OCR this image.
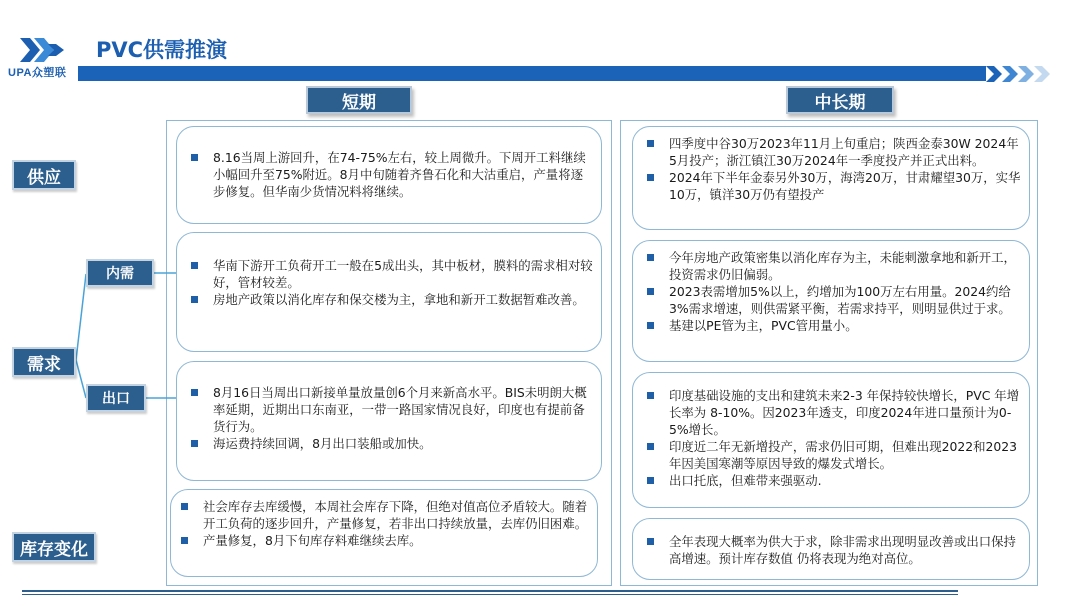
UPA众塑联
PVC供需推演
短期	中长期
供应
需求
内需
出口
库存变化
8.16当周上游回升，在74-75%左右，较上周微升。下周开工料继续小幅回升至75%附近。8月中旬随着齐鲁石化和大沽重启，产量将逐步修复。但华南少货情况料将继续。
华南下游开工负荷开工一般在5成出头，其中板材，膜料的需求相对较好，管材较差。
房地产政策以消化库存和保交楼为主，拿地和新开工数据暂难改善。
8月16日当周出口新接单量放量创6个月来新高水平。BIS未明朗大概率延期，近期出口东南亚，一带一路国家情况良好，印度也有提前备货行为。
海运费持续回调，8月出口装船或加快。
社会库存去库缓慢，本周社会库存下降，但绝对值高位矛盾较大。随着开工负荷的逐步回升，产量修复，若非出口持续放量，去库仍旧困难。
产量修复，8月下旬库存料难继续去库。
四季度中谷30万2023年11月上旬重启；陕西金泰30W 2024年5月投产；浙江镇江30万2024年一季度投产并正式出料。
2024年下半年金泰另外30万，海湾20万，甘肃耀望30万，实华10万，镇洋30万仍有望投产
今年房地产政策密集以消化库存为主，未能刺激拿地和新开工，投资需求仍旧偏弱。
2023表需增加5%以上，约增加为100万左右用量。2024约给3%需求增速，则供需紧平衡，若需求持平，则明显供过于求。
基建以PE管为主，PVC管用量小。
印度基础设施的支出和建筑未来2-3 年保持较快增长，PVC 年增长率为 8-10%。因2023年透支，印度2024年进口量预计为0-5%增长。
印度近二年无新增投产，需求仍旧可期，但难出现2022和2023年因美国寒潮等原因导致的爆发式增长。
出口托底，但难带来强驱动.
全年表现大概率为供大于求，除非需求出现明显改善或出口保持高增速。预计库存数值 仍将表现为绝对高位。
